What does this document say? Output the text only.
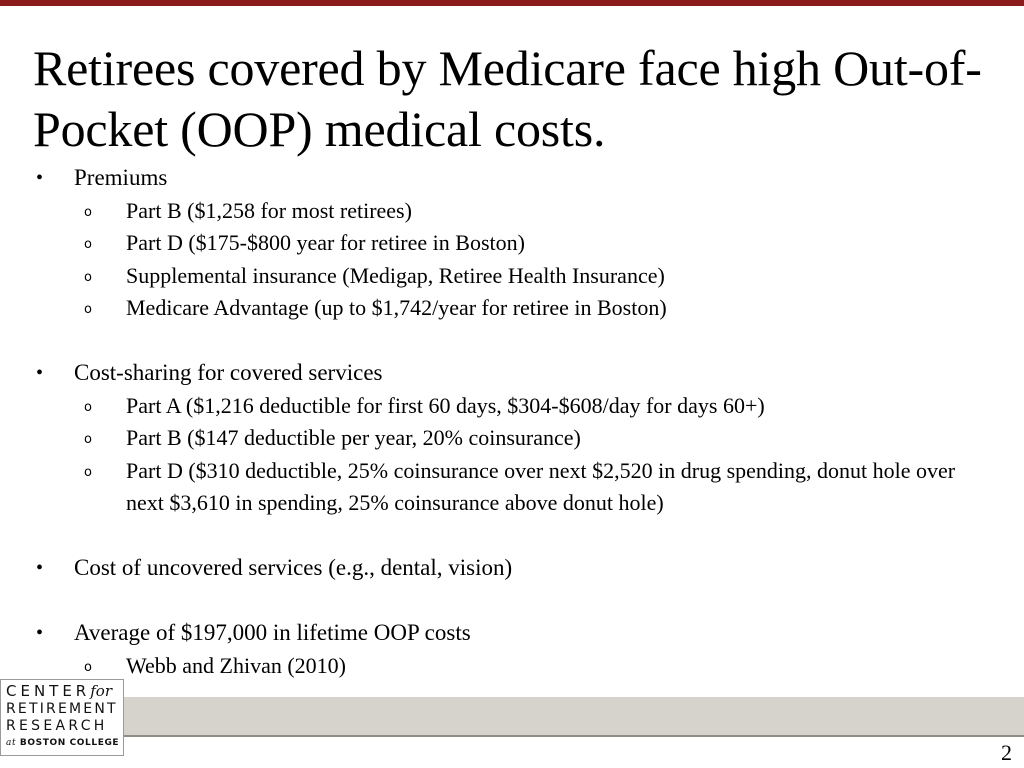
Retirees covered by Medicare face high Out-of-Pocket (OOP) medical costs.
• Premiums
o Part B ($1,258 for most retirees)
o Part D ($175-$800 year for retiree in Boston)
o Supplemental insurance (Medigap, Retiree Health Insurance)
o Medicare Advantage (up to $1,742/year for retiree in Boston)
• Cost-sharing for covered services
o Part A ($1,216 deductible for first 60 days, $304-$608/day for days 60+)
o Part B ($147 deductible per year, 20% coinsurance)
o Part D ($310 deductible, 25% coinsurance over next $2,520 in drug spending, donut hole over next $3,610 in spending, 25% coinsurance above donut hole)
• Cost of uncovered services (e.g., dental, vision)
• Average of $197,000 in lifetime OOP costs
o Webb and Zhivan (2010)
CENTERfor
RETIREMENT
RESEARCH
at BOSTON COLLEGE	2
